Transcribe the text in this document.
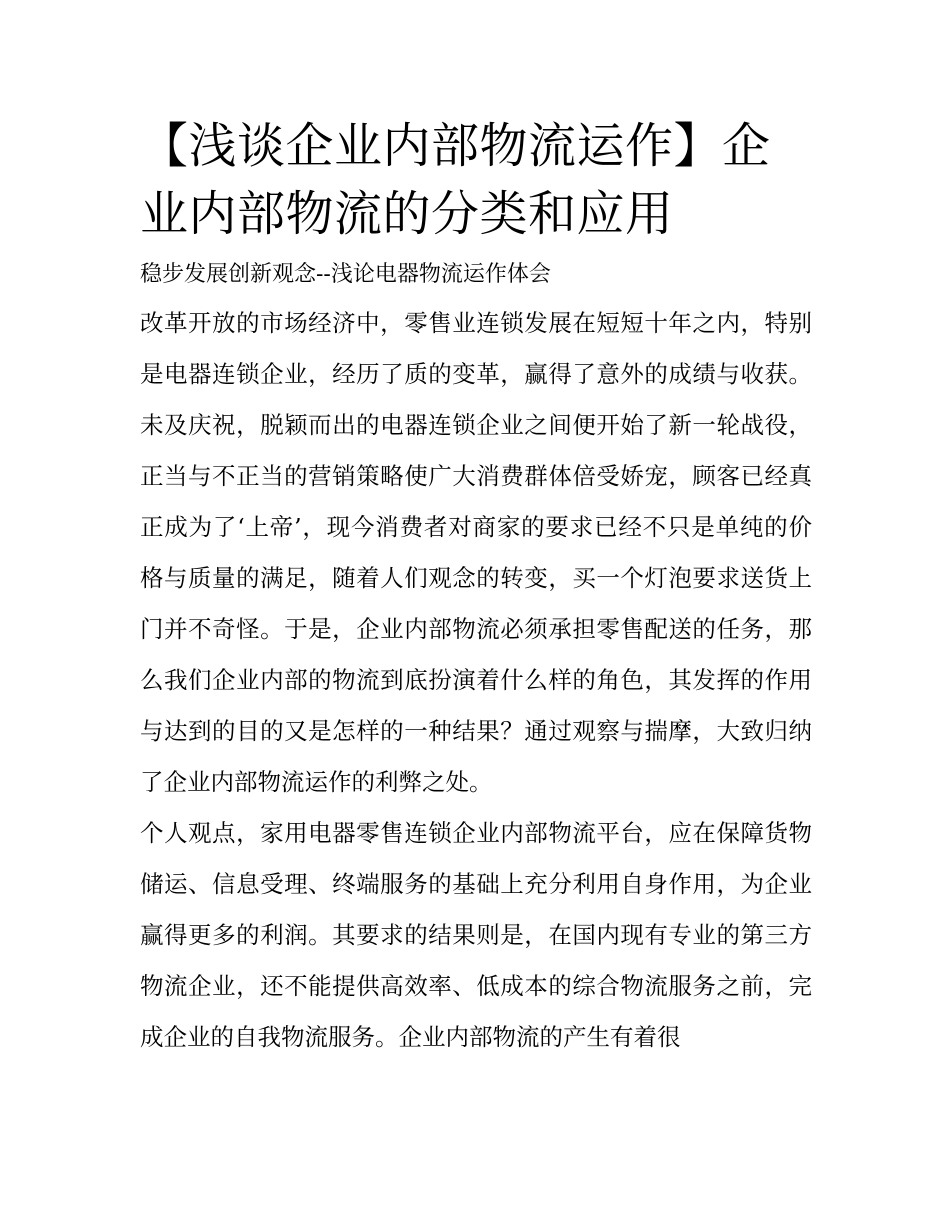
【浅谈企业内部物流运作】企业内部物流的分类和应用

稳步发展创新观念--浅论电器物流运作体会

改革开放的市场经济中，零售业连锁发展在短短十年之内，特别是电器连锁企业，经历了质的变革，赢得了意外的成绩与收获。未及庆祝，脱颖而出的电器连锁企业之间便开始了新一轮战役，正当与不正当的营销策略使广大消费群体倍受娇宠，顾客已经真正成为了‘上帝’，现今消费者对商家的要求已经不只是单纯的价格与质量的满足，随着人们观念的转变，买一个灯泡要求送货上门并不奇怪。于是，企业内部物流必须承担零售配送的任务，那么我们企业内部的物流到底扮演着什么样的角色，其发挥的作用与达到的目的又是怎样的一种结果？通过观察与揣摩，大致归纳了企业内部物流运作的利弊之处。

个人观点，家用电器零售连锁企业内部物流平台，应在保障货物储运、信息受理、终端服务的基础上充分利用自身作用，为企业赢得更多的利润。其要求的结果则是，在国内现有专业的第三方物流企业，还不能提供高效率、低成本的综合物流服务之前，完成企业的自我物流服务。企业内部物流的产生有着很
